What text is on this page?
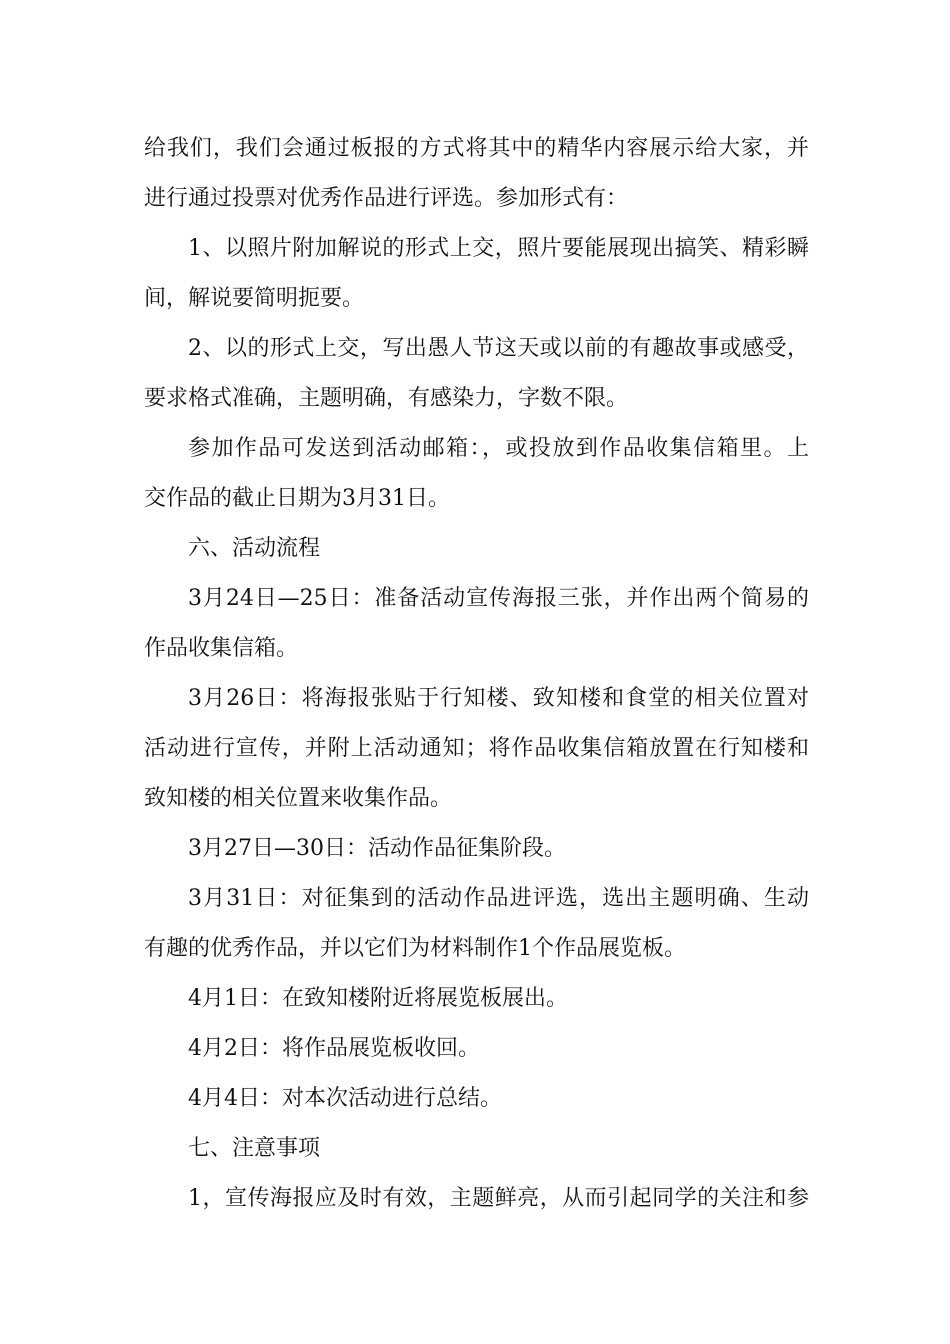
给我们，我们会通过板报的方式将其中的精华内容展示给大家，并
进行通过投票对优秀作品进行评选。参加形式有：
1、以照片附加解说的形式上交，照片要能展现出搞笑、精彩瞬
间，解说要简明扼要。
2、以的形式上交，写出愚人节这天或以前的有趣故事或感受，
要求格式准确，主题明确，有感染力，字数不限。
参加作品可发送到活动邮箱：，或投放到作品收集信箱里。上
交作品的截止日期为3月31日。
六、活动流程
3月24日—25日：准备活动宣传海报三张，并作出两个简易的
作品收集信箱。
3月26日：将海报张贴于行知楼、致知楼和食堂的相关位置对
活动进行宣传，并附上活动通知；将作品收集信箱放置在行知楼和
致知楼的相关位置来收集作品。
3月27日—30日：活动作品征集阶段。
3月31日：对征集到的活动作品进评选，选出主题明确、生动
有趣的优秀作品，并以它们为材料制作1个作品展览板。
4月1日：在致知楼附近将展览板展出。
4月2日：将作品展览板收回。
4月4日：对本次活动进行总结。
七、注意事项
1，宣传海报应及时有效，主题鲜亮，从而引起同学的关注和参
